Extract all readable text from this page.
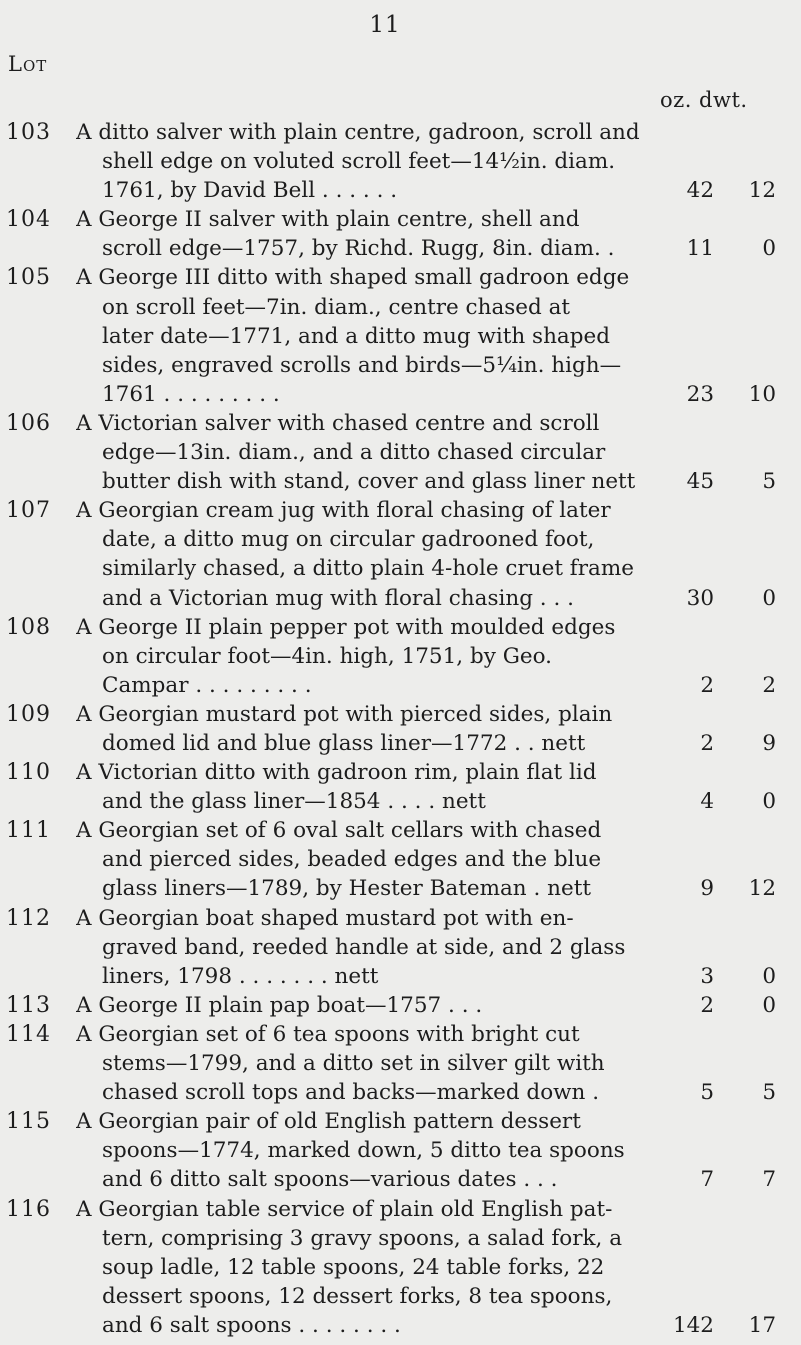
11
Lot
oz. dwt.
103	A ditto salver with plain centre, gadroon, scroll and
shell edge on voluted scroll feet—14½in. diam.
1761, by David Bell . . . . . .	42	12
104	A George II salver with plain centre, shell and
scroll edge—1757, by Richd. Rugg, 8in. diam. .	11	0
105	A George III ditto with shaped small gadroon edge
on scroll feet—7in. diam., centre chased at
later date—1771, and a ditto mug with shaped
sides, engraved scrolls and birds—5¼in. high—
1761 . . . . . . . . .	23	10
106	A Victorian salver with chased centre and scroll
edge—13in. diam., and a ditto chased circular
butter dish with stand, cover and glass liner nett	45	5
107	A Georgian cream jug with floral chasing of later
date, a ditto mug on circular gadrooned foot,
similarly chased, a ditto plain 4-hole cruet frame
and a Victorian mug with floral chasing . . .	30	0
108	A George II plain pepper pot with moulded edges
on circular foot—4in. high, 1751, by Geo.
Campar . . . . . . . . .	2	2
109	A Georgian mustard pot with pierced sides, plain
domed lid and blue glass liner—1772 . . nett	2	9
110	A Victorian ditto with gadroon rim, plain flat lid
and the glass liner—1854 . . . . nett	4	0
111	A Georgian set of 6 oval salt cellars with chased
and pierced sides, beaded edges and the blue
glass liners—1789, by Hester Bateman . nett	9	12
112	A Georgian boat shaped mustard pot with en-
graved band, reeded handle at side, and 2 glass
liners, 1798 . . . . . . . nett	3	0
113	A George II plain pap boat—1757 . . .	2	0
114	A Georgian set of 6 tea spoons with bright cut
stems—1799, and a ditto set in silver gilt with
chased scroll tops and backs—marked down .	5	5
115	A Georgian pair of old English pattern dessert
spoons—1774, marked down, 5 ditto tea spoons
and 6 ditto salt spoons—various dates . . .	7	7
116	A Georgian table service of plain old English pat-
tern, comprising 3 gravy spoons, a salad fork, a
soup ladle, 12 table spoons, 24 table forks, 22
dessert spoons, 12 dessert forks, 8 tea spoons,
and 6 salt spoons . . . . . . . .	142	17
